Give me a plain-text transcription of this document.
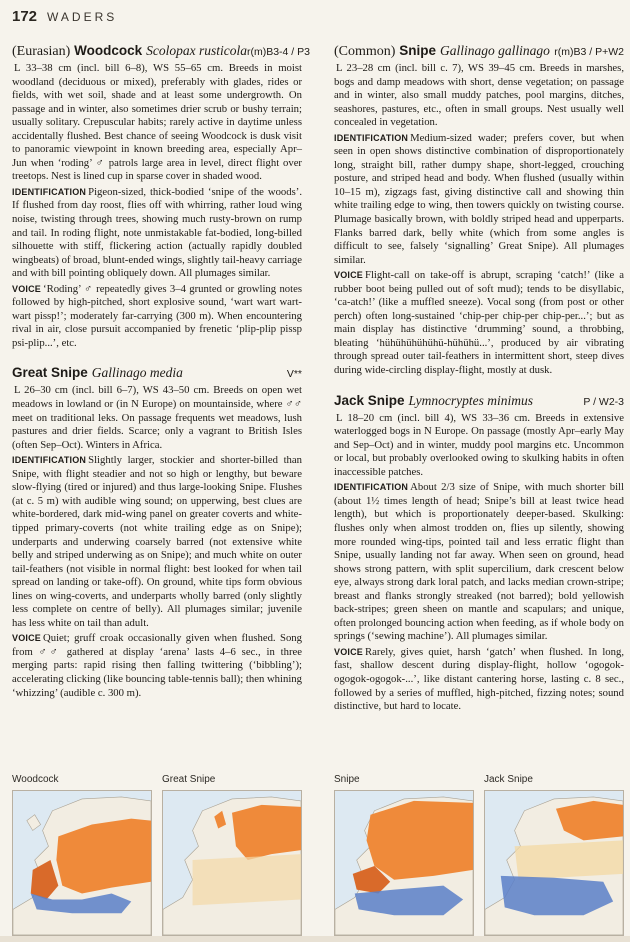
172 WADERS
(Eurasian) Woodcock Scolopax rusticola r(m)B3-4 / P3

L 33–38 cm (incl. bill 6–8), WS 55–65 cm. Breeds in moist woodland (deciduous or mixed), preferably with glades, rides or fields, with wet soil, shade and at least some undergrowth. On passage and in winter, also sometimes drier scrub or bushy terrain; usually solitary. Crepuscular habits; rarely active in daytime unless accidentally flushed. Best chance of seeing Woodcock is dusk visit to panoramic viewpoint in known breeding area, especially Apr–Jun when ‘roding’ ♂ patrols large area in level, direct flight over treetops. Nest is lined cup in sparse cover in shaded wood.

IDENTIFICATION Pigeon-sized, thick-bodied ‘snipe of the woods’. If flushed from day roost, flies off with whirring, rather loud wing noise, twisting through trees, showing much rusty-brown on rump and tail. In roding flight, note unmistakable fat-bodied, long-billed silhouette with stiff, flickering action (actually rapidly doubled wingbeats) of broad, blunt-ended wings, slightly tail-heavy carriage and with bill pointing obliquely down. All plumages similar.

VOICE ‘Roding’ ♂ repeatedly gives 3–4 grunted or growling notes followed by high-pitched, short explosive sound, ‘wart wart wart-wart pissp!’; moderately far-carrying (300 m). When encountering rival in air, close pursuit accompanied by frenetic ‘plip-plip pissp psi-plip...’, etc.

Great Snipe Gallinago media	V**

L 26–30 cm (incl. bill 6–7), WS 43–50 cm. Breeds on open wet meadows in lowland or (in N Europe) on mountainside, where ♂♂ meet on traditional leks. On passage frequents wet meadows, lush pastures and drier fields. Scarce; only a vagrant to British Isles (often Sep–Oct). Winters in Africa.

IDENTIFICATION Slightly larger, stockier and shorter-billed than Snipe, with flight steadier and not so high or lengthy, but beware slow-flying (tired or injured) and thus large-looking Snipe. Flushes (at c. 5 m) with audible wing sound; on upperwing, best clues are white-bordered, dark mid-wing panel on greater coverts and white-tipped primary-coverts (not white trailing edge as on Snipe); underparts and underwing coarsely barred (not extensive white belly and striped underwing as on Snipe); and much white on outer tail-feathers (not visible in normal flight: best looked for when tail spread on landing or take-off). On ground, white tips form obvious lines on wing-coverts, and underparts wholly barred (only slightly less complete on centre of belly). All plumages similar; juvenile has less white on tail than adult.

VOICE Quiet; gruff croak occasionally given when flushed. Song from ♂♂ gathered at display ‘arena’ lasts 4–6 sec., in three merging parts: rapid rising then falling twittering (‘bibbling’); accelerating clicking (like bouncing table-tennis ball); then whining ‘whizzing’ (audible c. 300 m).

(Common) Snipe Gallinago gallinago r(m)B3 / P+W2

L 23–28 cm (incl. bill c. 7), WS 39–45 cm. Breeds in marshes, bogs and damp meadows with short, dense vegetation; on passage and in winter, also small muddy patches, pool margins, ditches, seashores, pastures, etc., often in small groups. Nest usually well concealed in vegetation.

IDENTIFICATION Medium-sized wader; prefers cover, but when seen in open shows distinctive combination of disproportionately long, straight bill, rather dumpy shape, short-legged, crouching posture, and striped head and body. When flushed (usually within 10–15 m), zigzags fast, giving distinctive call and showing thin white trailing edge to wing, then towers quickly on twisting course. Plumage basically brown, with boldly striped head and upperparts. Flanks barred dark, belly white (which from some angles is difficult to see, falsely ‘signalling’ Great Snipe). All plumages similar.

VOICE Flight-call on take-off is abrupt, scraping ‘catch!’ (like a rubber boot being pulled out of soft mud); tends to be disyllabic, ‘ca-atch!’ (like a muffled sneeze). Vocal song (from post or other perch) often long-sustained ‘chip-per chip-per chip-per...’; but as main display has distinctive ‘drumming’ sound, a throbbing, bleating ‘hühühühühühü-hühühü...’, produced by air vibrating through spread outer tail-feathers in intermittent short, steep dives during wide-circling display-flight, mostly at dusk.

Jack Snipe Lymnocryptes minimus	P / W2-3

L 18–20 cm (incl. bill 4), WS 33–36 cm. Breeds in extensive waterlogged bogs in N Europe. On passage (mostly Apr–early May and Sep–Oct) and in winter, muddy pool margins etc. Uncommon or local, but probably overlooked owing to skulking habits in often inaccessible patches.

IDENTIFICATION About 2/3 size of Snipe, with much shorter bill (about 1½ times length of head; Snipe’s bill at least twice head length), but which is proportionately deeper-based. Skulking: flushes only when almost trodden on, flies up silently, showing more rounded wing-tips, pointed tail and less erratic flight than Snipe, usually landing not far away. When seen on ground, head shows strong pattern, with split supercilium, dark crescent below eye, always strong dark loral patch, and lacks median crown-stripe; breast and flanks strongly streaked (not barred); bold yellowish back-stripes; green sheen on mantle and scapulars; and unique, often prolonged bouncing action when feeding, as if whole body on springs (‘sewing machine’). All plumages similar.

VOICE Rarely, gives quiet, harsh ‘gatch’ when flushed. In long, fast, shallow descent during display-flight, hollow ‘ogogok-ogogok-ogogok-...’, like distant cantering horse, lasting c. 8 sec., followed by a series of muffled, high-pitched, fizzing notes; sound distinctive, but hard to locate.

Woodcock	Great Snipe	Snipe	Jack Snipe
